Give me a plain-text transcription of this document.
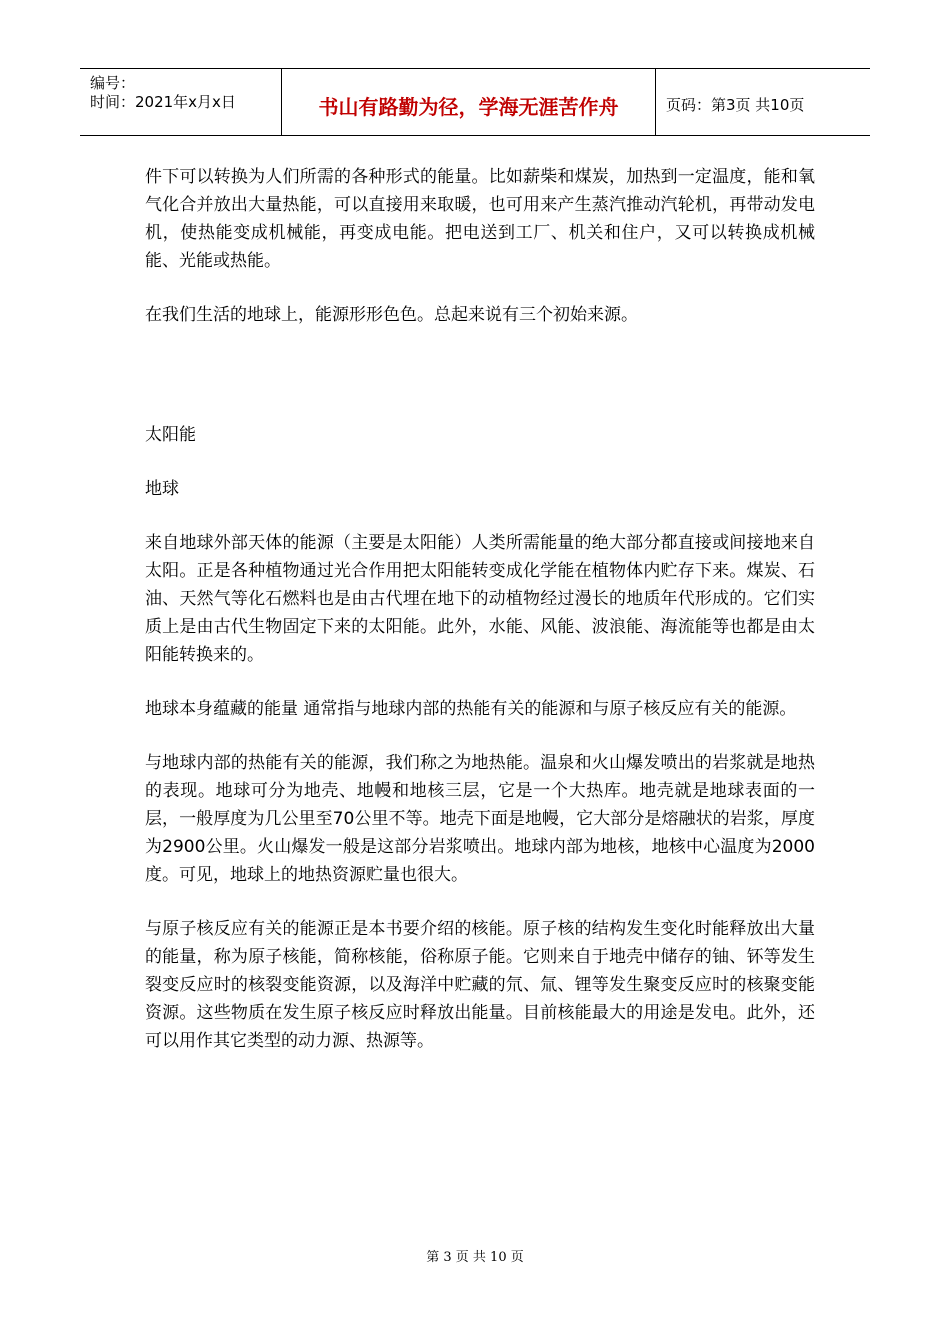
编号：
时间：2021年x月x日	书山有路勤为径，学海无涯苦作舟	页码：第3页 共10页

件下可以转换为人们所需的各种形式的能量。比如薪柴和煤炭，加热到一定温度，能和氧气化合并放出大量热能，可以直接用来取暖，也可用来产生蒸汽推动汽轮机，再带动发电机，使热能变成机械能，再变成电能。把电送到工厂、机关和住户，又可以转换成机械能、光能或热能。

在我们生活的地球上，能源形形色色。总起来说有三个初始来源。

太阳能

地球

来自地球外部天体的能源（主要是太阳能）人类所需能量的绝大部分都直接或间接地来自太阳。正是各种植物通过光合作用把太阳能转变成化学能在植物体内贮存下来。煤炭、石油、天然气等化石燃料也是由古代埋在地下的动植物经过漫长的地质年代形成的。它们实质上是由古代生物固定下来的太阳能。此外，水能、风能、波浪能、海流能等也都是由太阳能转换来的。

地球本身蕴藏的能量 通常指与地球内部的热能有关的能源和与原子核反应有关的能源。

与地球内部的热能有关的能源，我们称之为地热能。温泉和火山爆发喷出的岩浆就是地热的表现。地球可分为地壳、地幔和地核三层，它是一个大热库。地壳就是地球表面的一层，一般厚度为几公里至70公里不等。地壳下面是地幔，它大部分是熔融状的岩浆，厚度为2900公里。火山爆发一般是这部分岩浆喷出。地球内部为地核，地核中心温度为2000度。可见，地球上的地热资源贮量也很大。

与原子核反应有关的能源正是本书要介绍的核能。原子核的结构发生变化时能释放出大量的能量，称为原子核能，简称核能，俗称原子能。它则来自于地壳中储存的铀、钚等发生裂变反应时的核裂变能资源，以及海洋中贮藏的氘、氚、锂等发生聚变反应时的核聚变能资源。这些物质在发生原子核反应时释放出能量。目前核能最大的用途是发电。此外，还可以用作其它类型的动力源、热源等。

第 3 页 共 10 页
